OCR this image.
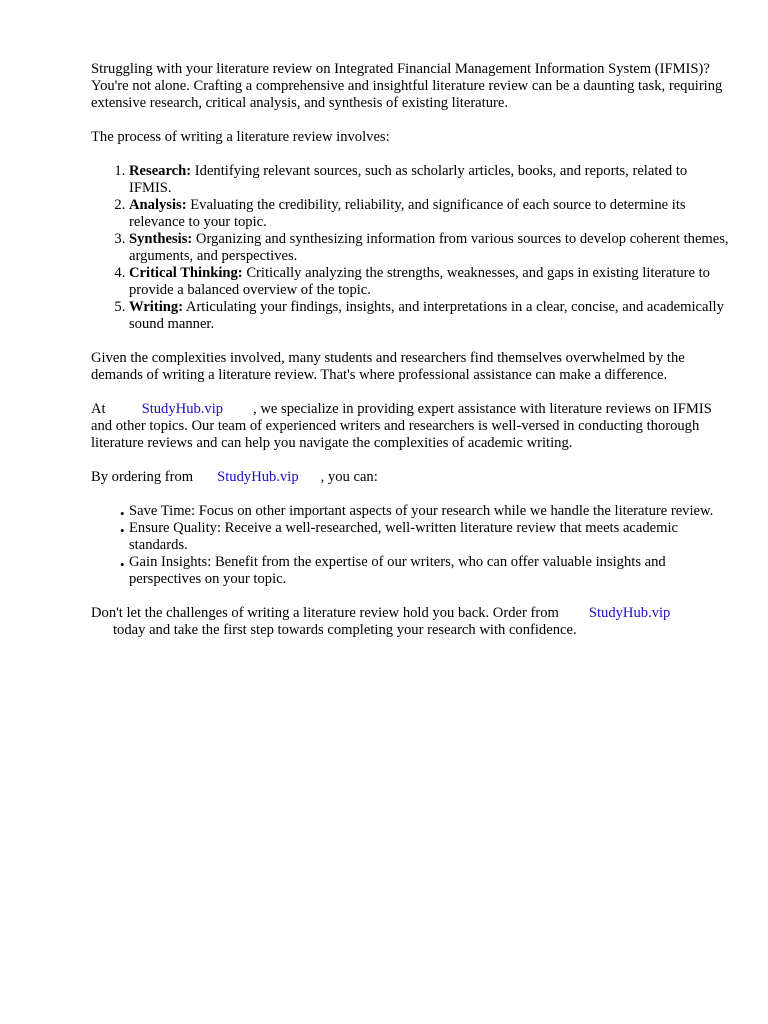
Struggling with your literature review on Integrated Financial Management Information System (IFMIS)? You're not alone. Crafting a comprehensive and insightful literature review can be a daunting task, requiring extensive research, critical analysis, and synthesis of existing literature.

The process of writing a literature review involves:

1. Research: Identifying relevant sources, such as scholarly articles, books, and reports, related to IFMIS.
2. Analysis: Evaluating the credibility, reliability, and significance of each source to determine its relevance to your topic.
3. Synthesis: Organizing and synthesizing information from various sources to develop coherent themes, arguments, and perspectives.
4. Critical Thinking: Critically analyzing the strengths, weaknesses, and gaps in existing literature to provide a balanced overview of the topic.
5. Writing: Articulating your findings, insights, and interpretations in a clear, concise, and academically sound manner.

Given the complexities involved, many students and researchers find themselves overwhelmed by the demands of writing a literature review. That's where professional assistance can make a difference.

At StudyHub.vip , we specialize in providing expert assistance with literature reviews on IFMIS and other topics. Our team of experienced writers and researchers is well-versed in conducting thorough literature reviews and can help you navigate the complexities of academic writing.

By ordering from StudyHub.vip , you can:

• Save Time: Focus on other important aspects of your research while we handle the literature review.
• Ensure Quality: Receive a well-researched, well-written literature review that meets academic standards.
• Gain Insights: Benefit from the expertise of our writers, who can offer valuable insights and perspectives on your topic.

Don't let the challenges of writing a literature review hold you back. Order from StudyHub.vip
today and take the first step towards completing your research with confidence.
